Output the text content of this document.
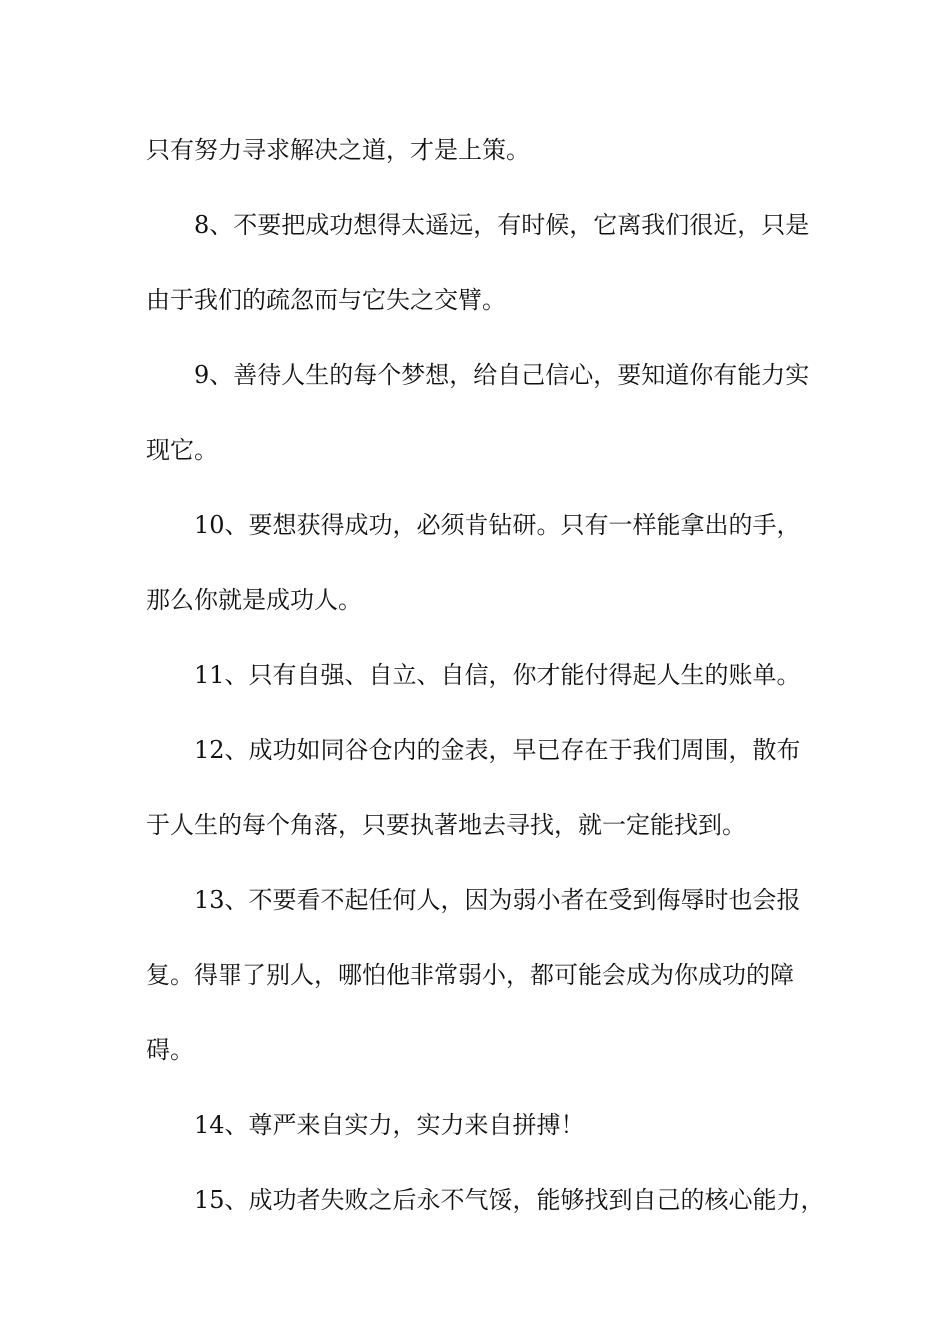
只有努力寻求解决之道，才是上策。
8、不要把成功想得太遥远，有时候，它离我们很近，只是
由于我们的疏忽而与它失之交臂。
9、善待人生的每个梦想，给自己信心，要知道你有能力实
现它。
10、要想获得成功，必须肯钻研。只有一样能拿出的手，
那么你就是成功人。
11、只有自强、自立、自信，你才能付得起人生的账单。
12、成功如同谷仓内的金表，早已存在于我们周围，散布
于人生的每个角落，只要执著地去寻找，就一定能找到。
13、不要看不起任何人，因为弱小者在受到侮辱时也会报
复。得罪了别人，哪怕他非常弱小，都可能会成为你成功的障
碍。
14、尊严来自实力，实力来自拼搏！
15、成功者失败之后永不气馁，能够找到自己的核心能力，
